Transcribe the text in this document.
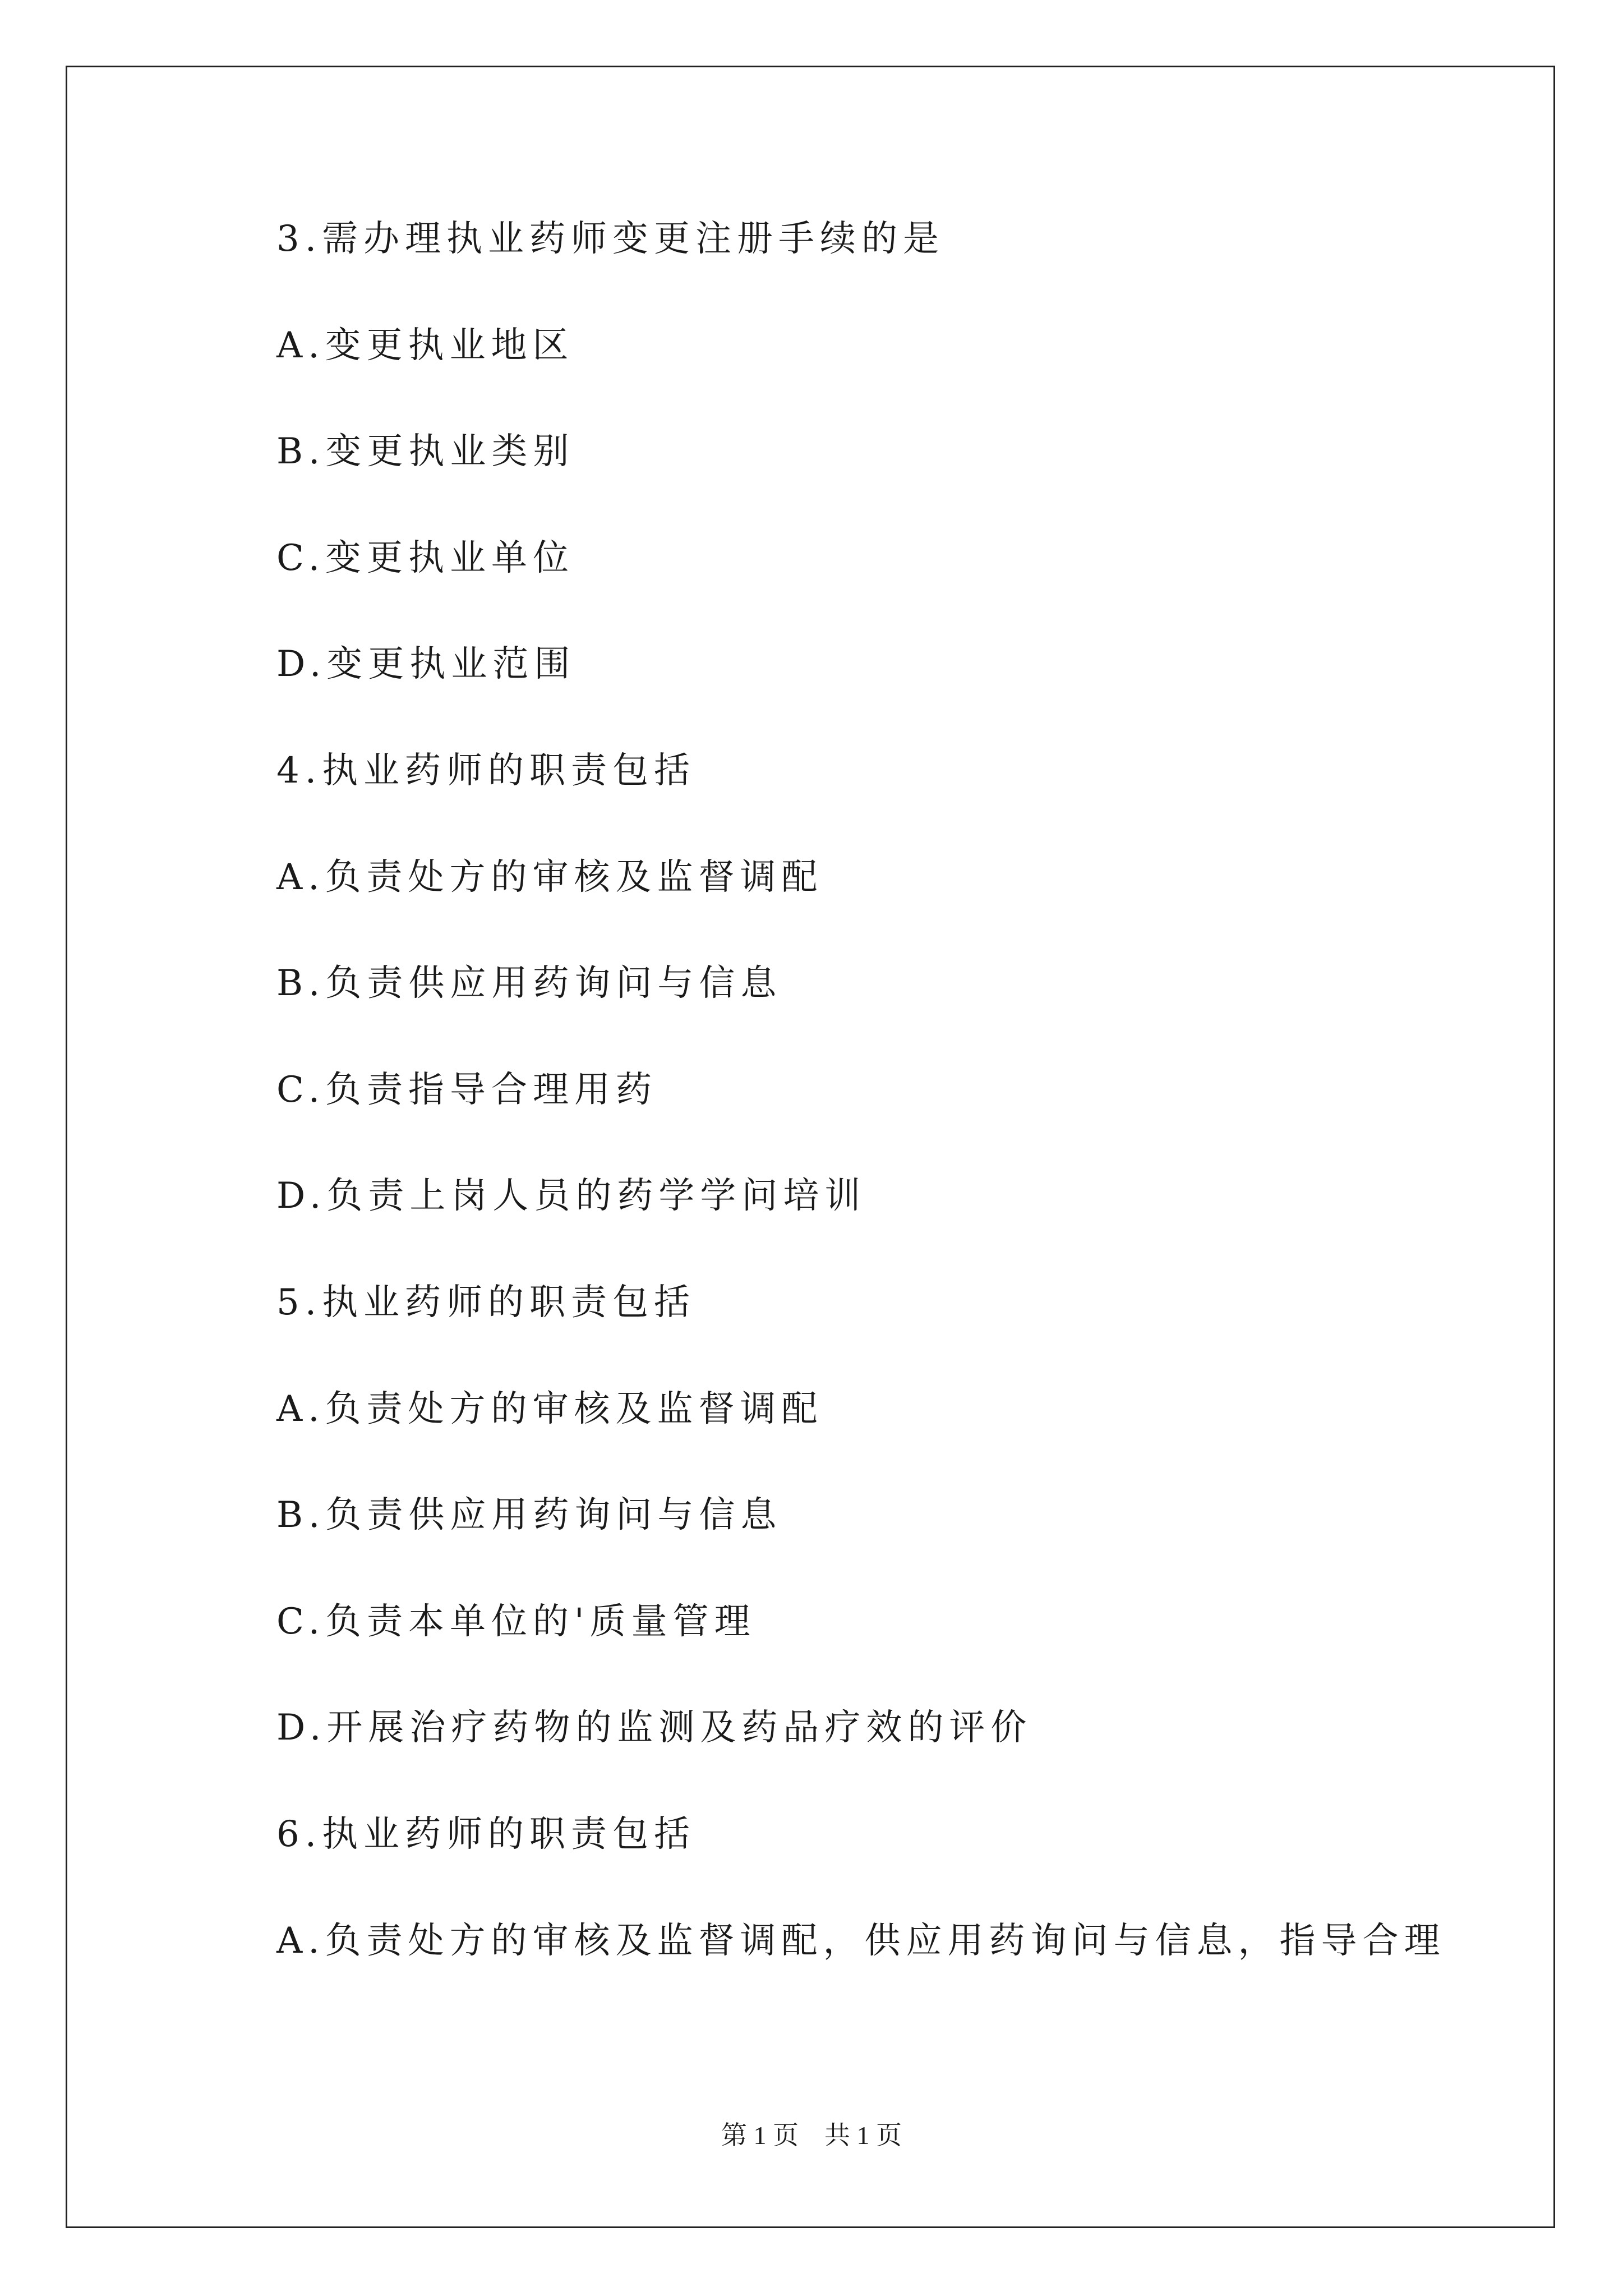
3.需办理执业药师变更注册手续的是
A.变更执业地区
B.变更执业类别
C.变更执业单位
D.变更执业范围
4.执业药师的职责包括
A.负责处方的审核及监督调配
B.负责供应用药询问与信息
C.负责指导合理用药
D.负责上岗人员的药学学问培训
5.执业药师的职责包括
A.负责处方的审核及监督调配
B.负责供应用药询问与信息
C.负责本单位的'质量管理
D.开展治疗药物的监测及药品疗效的评价
6.执业药师的职责包括
A.负责处方的审核及监督调配，供应用药询问与信息，指导合理
第 1 页 共 1 页
